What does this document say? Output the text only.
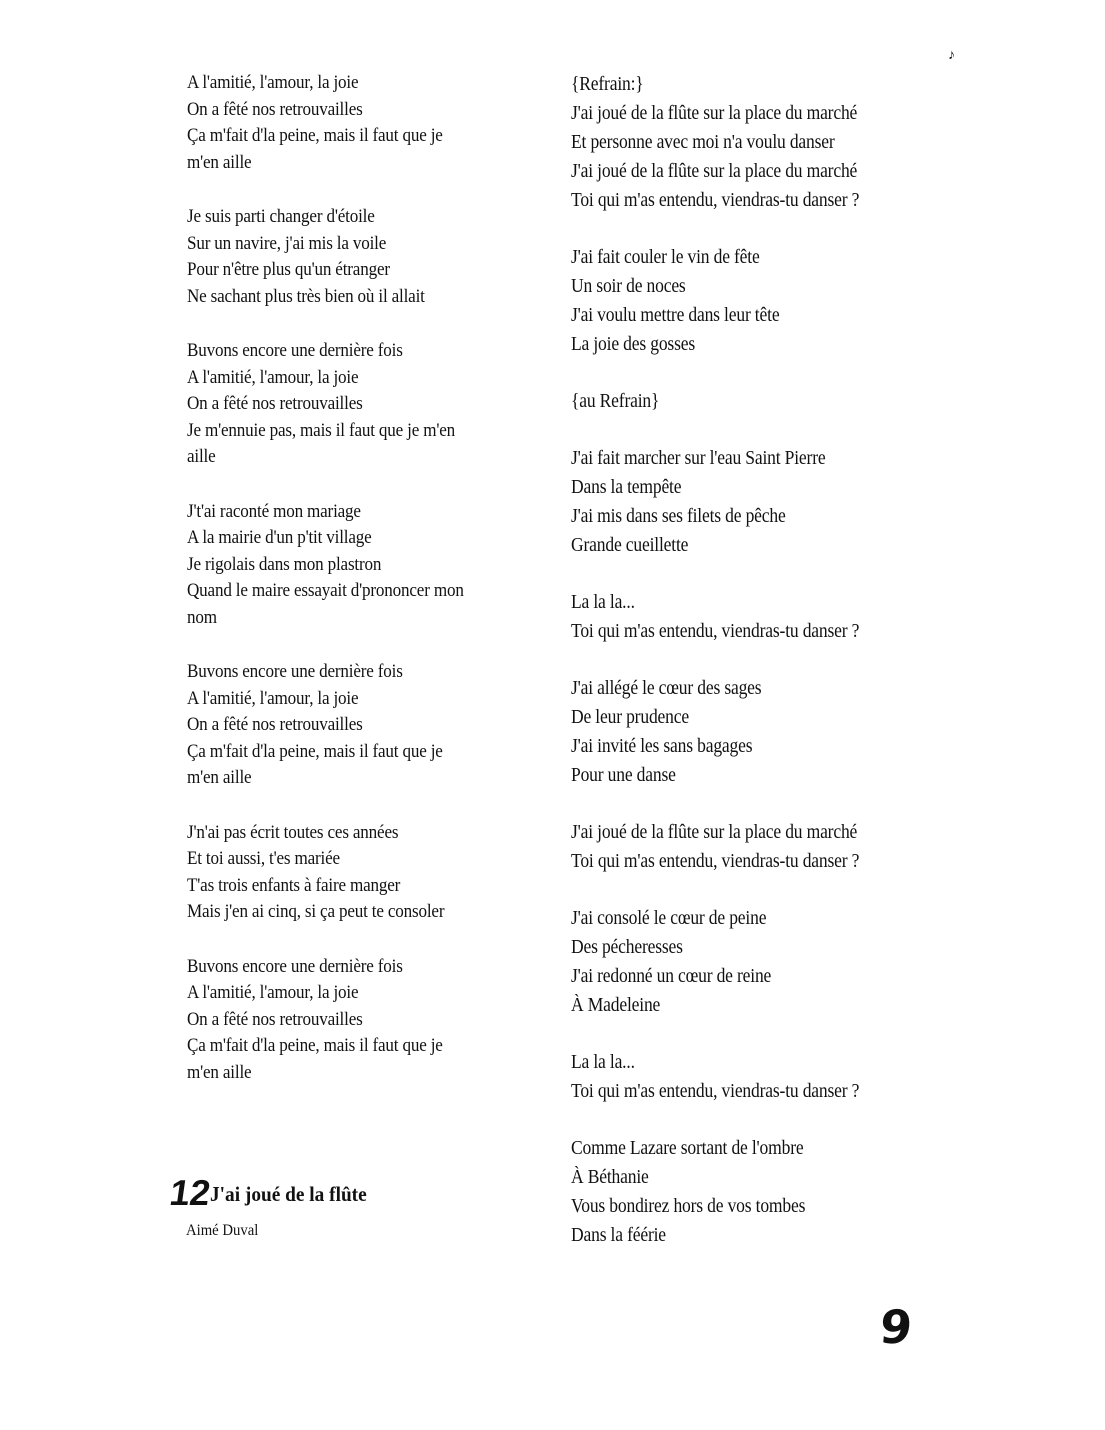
♪
A l'amitié, l'amour, la joie
On a fêté nos retrouvailles
Ça m'fait d'la peine, mais il faut que je
m'en aille
Je suis parti changer d'étoile
Sur un navire, j'ai mis la voile
Pour n'être plus qu'un étranger
Ne sachant plus très bien où il allait
Buvons encore une dernière fois
A l'amitié, l'amour, la joie
On a fêté nos retrouvailles
Je m'ennuie pas, mais il faut que je m'en
aille
J't'ai raconté mon mariage
A la mairie d'un p'tit village
Je rigolais dans mon plastron
Quand le maire essayait d'prononcer mon
nom
Buvons encore une dernière fois
A l'amitié, l'amour, la joie
On a fêté nos retrouvailles
Ça m'fait d'la peine, mais il faut que je
m'en aille
J'n'ai pas écrit toutes ces années
Et toi aussi, t'es mariée
T'as trois enfants à faire manger
Mais j'en ai cinq, si ça peut te consoler
Buvons encore une dernière fois
A l'amitié, l'amour, la joie
On a fêté nos retrouvailles
Ça m'fait d'la peine, mais il faut que je
m'en aille
{Refrain:}
J'ai joué de la flûte sur la place du marché
Et personne avec moi n'a voulu danser
J'ai joué de la flûte sur la place du marché
Toi qui m'as entendu, viendras-tu danser ?
J'ai fait couler le vin de fête
Un soir de noces
J'ai voulu mettre dans leur tête
La joie des gosses
{au Refrain}
J'ai fait marcher sur l'eau Saint Pierre
Dans la tempête
J'ai mis dans ses filets de pêche
Grande cueillette
La la la...
Toi qui m'as entendu, viendras-tu danser ?
J'ai allégé le cœur des sages
De leur prudence
J'ai invité les sans bagages
Pour une danse
J'ai joué de la flûte sur la place du marché
Toi qui m'as entendu, viendras-tu danser ?
J'ai consolé le cœur de peine
Des pécheresses
J'ai redonné un cœur de reine
À Madeleine
La la la...
Toi qui m'as entendu, viendras-tu danser ?
Comme Lazare sortant de l'ombre
À Béthanie
Vous bondirez hors de vos tombes
Dans la féérie
12
J'ai joué de la flûte
Aimé Duval
9
